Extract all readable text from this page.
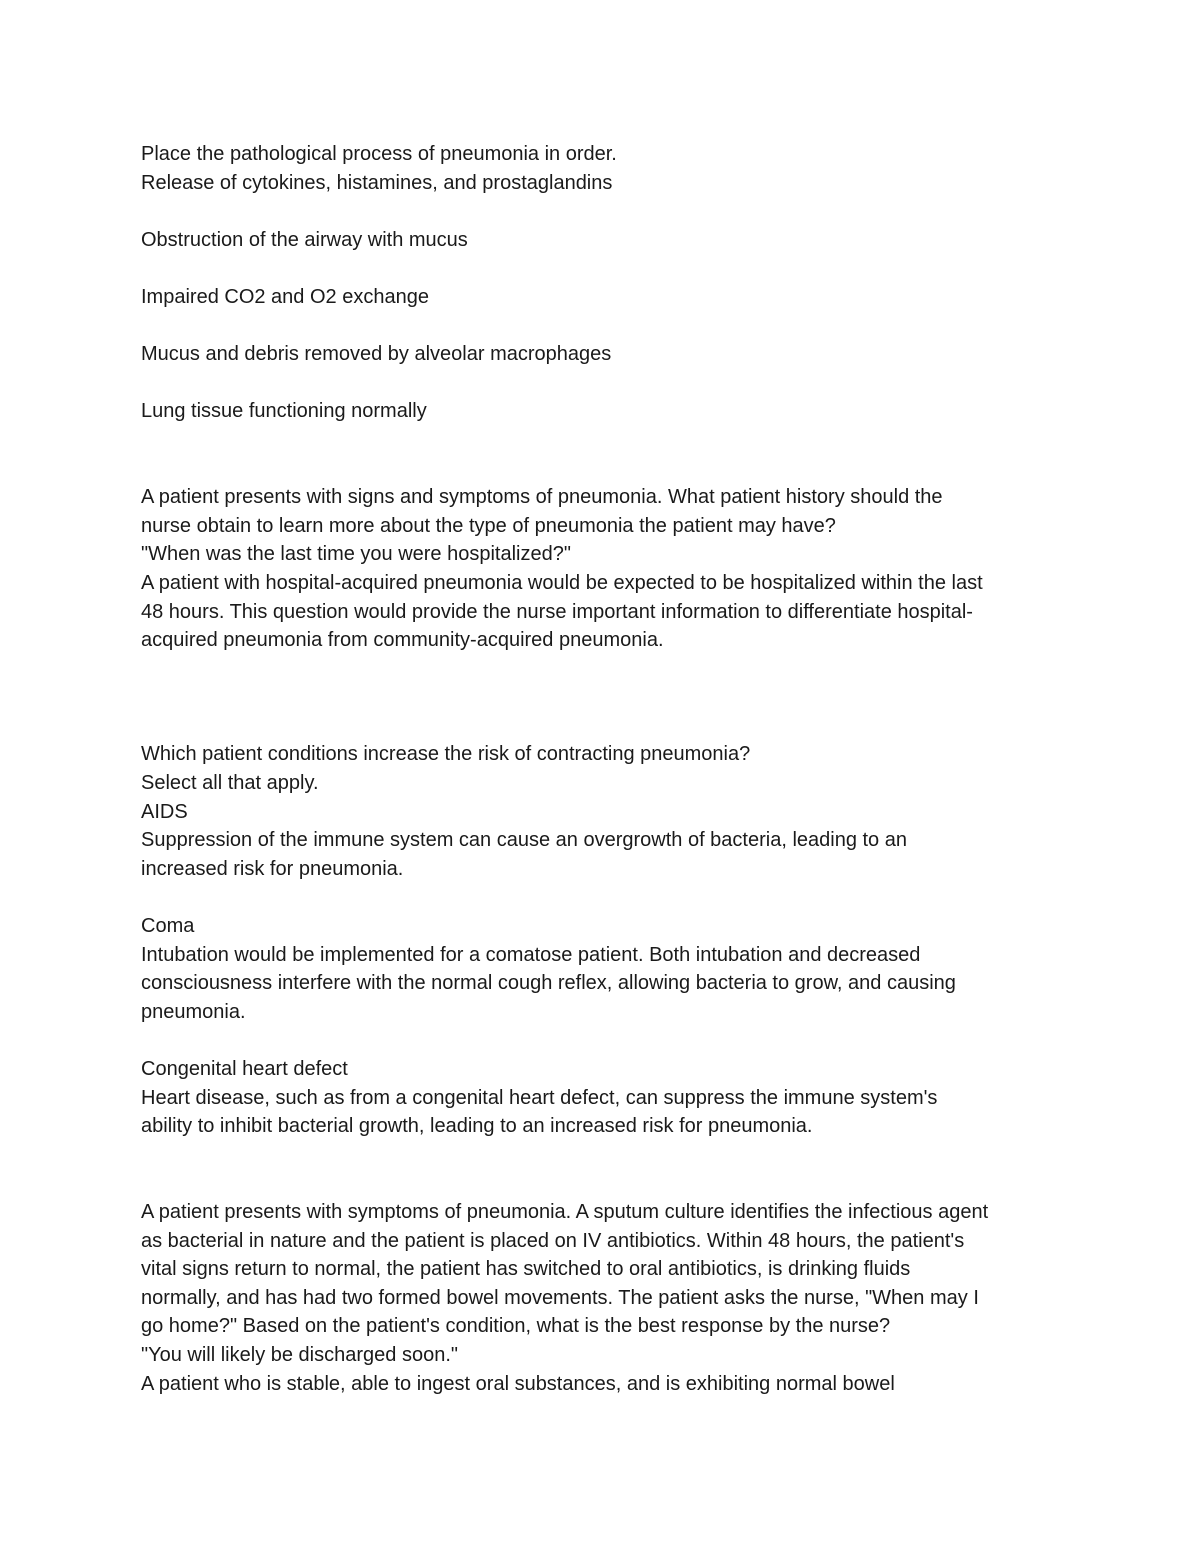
Place the pathological process of pneumonia in order.
Release of cytokines, histamines, and prostaglandins
Obstruction of the airway with mucus
Impaired CO2 and O2 exchange
Mucus and debris removed by alveolar macrophages
Lung tissue functioning normally
A patient presents with signs and symptoms of pneumonia. What patient history should the
nurse obtain to learn more about the type of pneumonia the patient may have?
"When was the last time you were hospitalized?"
A patient with hospital-acquired pneumonia would be expected to be hospitalized within the last
48 hours. This question would provide the nurse important information to differentiate hospital-
acquired pneumonia from community-acquired pneumonia.
Which patient conditions increase the risk of contracting pneumonia?
Select all that apply.
AIDS
Suppression of the immune system can cause an overgrowth of bacteria, leading to an
increased risk for pneumonia.
Coma
Intubation would be implemented for a comatose patient. Both intubation and decreased
consciousness interfere with the normal cough reflex, allowing bacteria to grow, and causing
pneumonia.
Congenital heart defect
Heart disease, such as from a congenital heart defect, can suppress the immune system's
ability to inhibit bacterial growth, leading to an increased risk for pneumonia.
A patient presents with symptoms of pneumonia. A sputum culture identifies the infectious agent
as bacterial in nature and the patient is placed on IV antibiotics. Within 48 hours, the patient's
vital signs return to normal, the patient has switched to oral antibiotics, is drinking fluids
normally, and has had two formed bowel movements. The patient asks the nurse, "When may I
go home?" Based on the patient's condition, what is the best response by the nurse?
"You will likely be discharged soon."
A patient who is stable, able to ingest oral substances, and is exhibiting normal bowel
